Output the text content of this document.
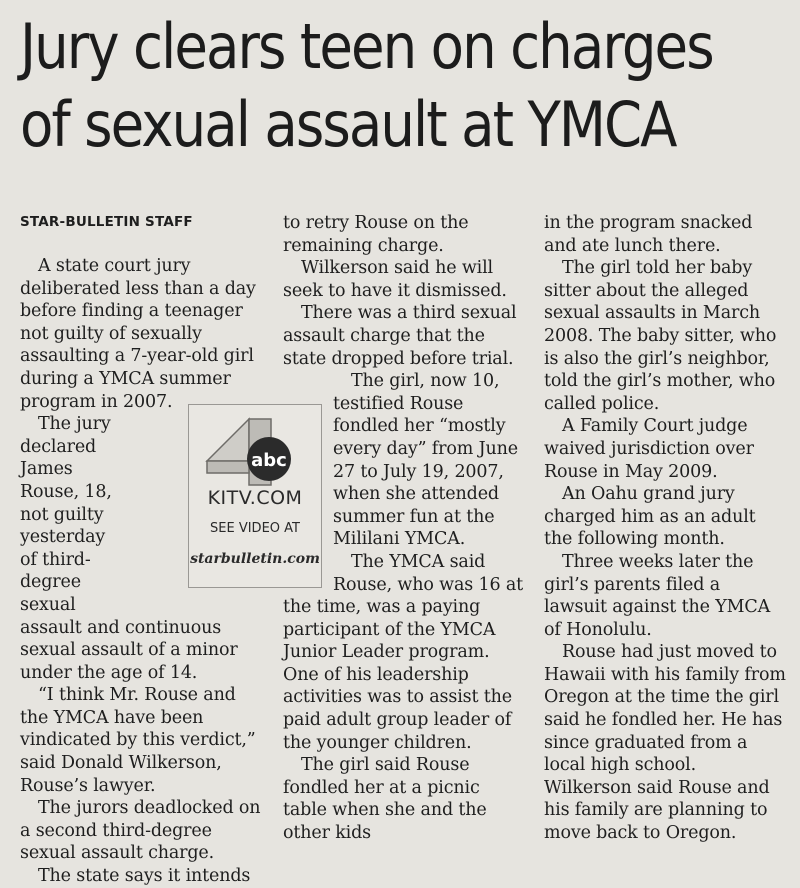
Jury clears teen on charges
of sexual assault at YMCA
STAR-BULLETIN STAFF

A state court jury deliberated less than a day before finding a teenager not guilty of sexually assaulting a 7-year-old girl during a YMCA summer program in 2007.

The jury declared James Rouse, 18, not guilty yesterday of third-degree sexual assault and continuous sexual assault of a minor under the age of 14.

“I think Mr. Rouse and the YMCA have been vindicated by this verdict,” said Donald Wilkerson, Rouse’s lawyer.

The jurors deadlocked on a second third-degree sexual assault charge.

The state says it intends

to retry Rouse on the remaining charge.

Wilkerson said he will seek to have it dismissed.

There was a third sexual assault charge that the state dropped before trial.

The girl, now 10, testified Rouse fondled her “mostly every day” from June 27 to July 19, 2007, when she attended summer fun at the Mililani YMCA.

The YMCA said Rouse, who was 16 at the time, was a paying participant of the YMCA Junior Leader program. One of his leadership activities was to assist the paid adult group leader of the younger children.

The girl said Rouse fondled her at a picnic table when she and the other kids

in the program snacked and ate lunch there.

The girl told her baby sitter about the alleged sexual assaults in March 2008. The baby sitter, who is also the girl’s neighbor, told the girl’s mother, who called police.

A Family Court judge waived jurisdiction over Rouse in May 2009.

An Oahu grand jury charged him as an adult the following month.

Three weeks later the girl’s parents filed a lawsuit against the YMCA of Honolulu.

Rouse had just moved to Hawaii with his family from Oregon at the time the girl said he fondled her. He has since graduated from a local high school. Wilkerson said Rouse and his family are planning to move back to Oregon.

abc
KITV.COM
SEE VIDEO AT
starbulletin.com
